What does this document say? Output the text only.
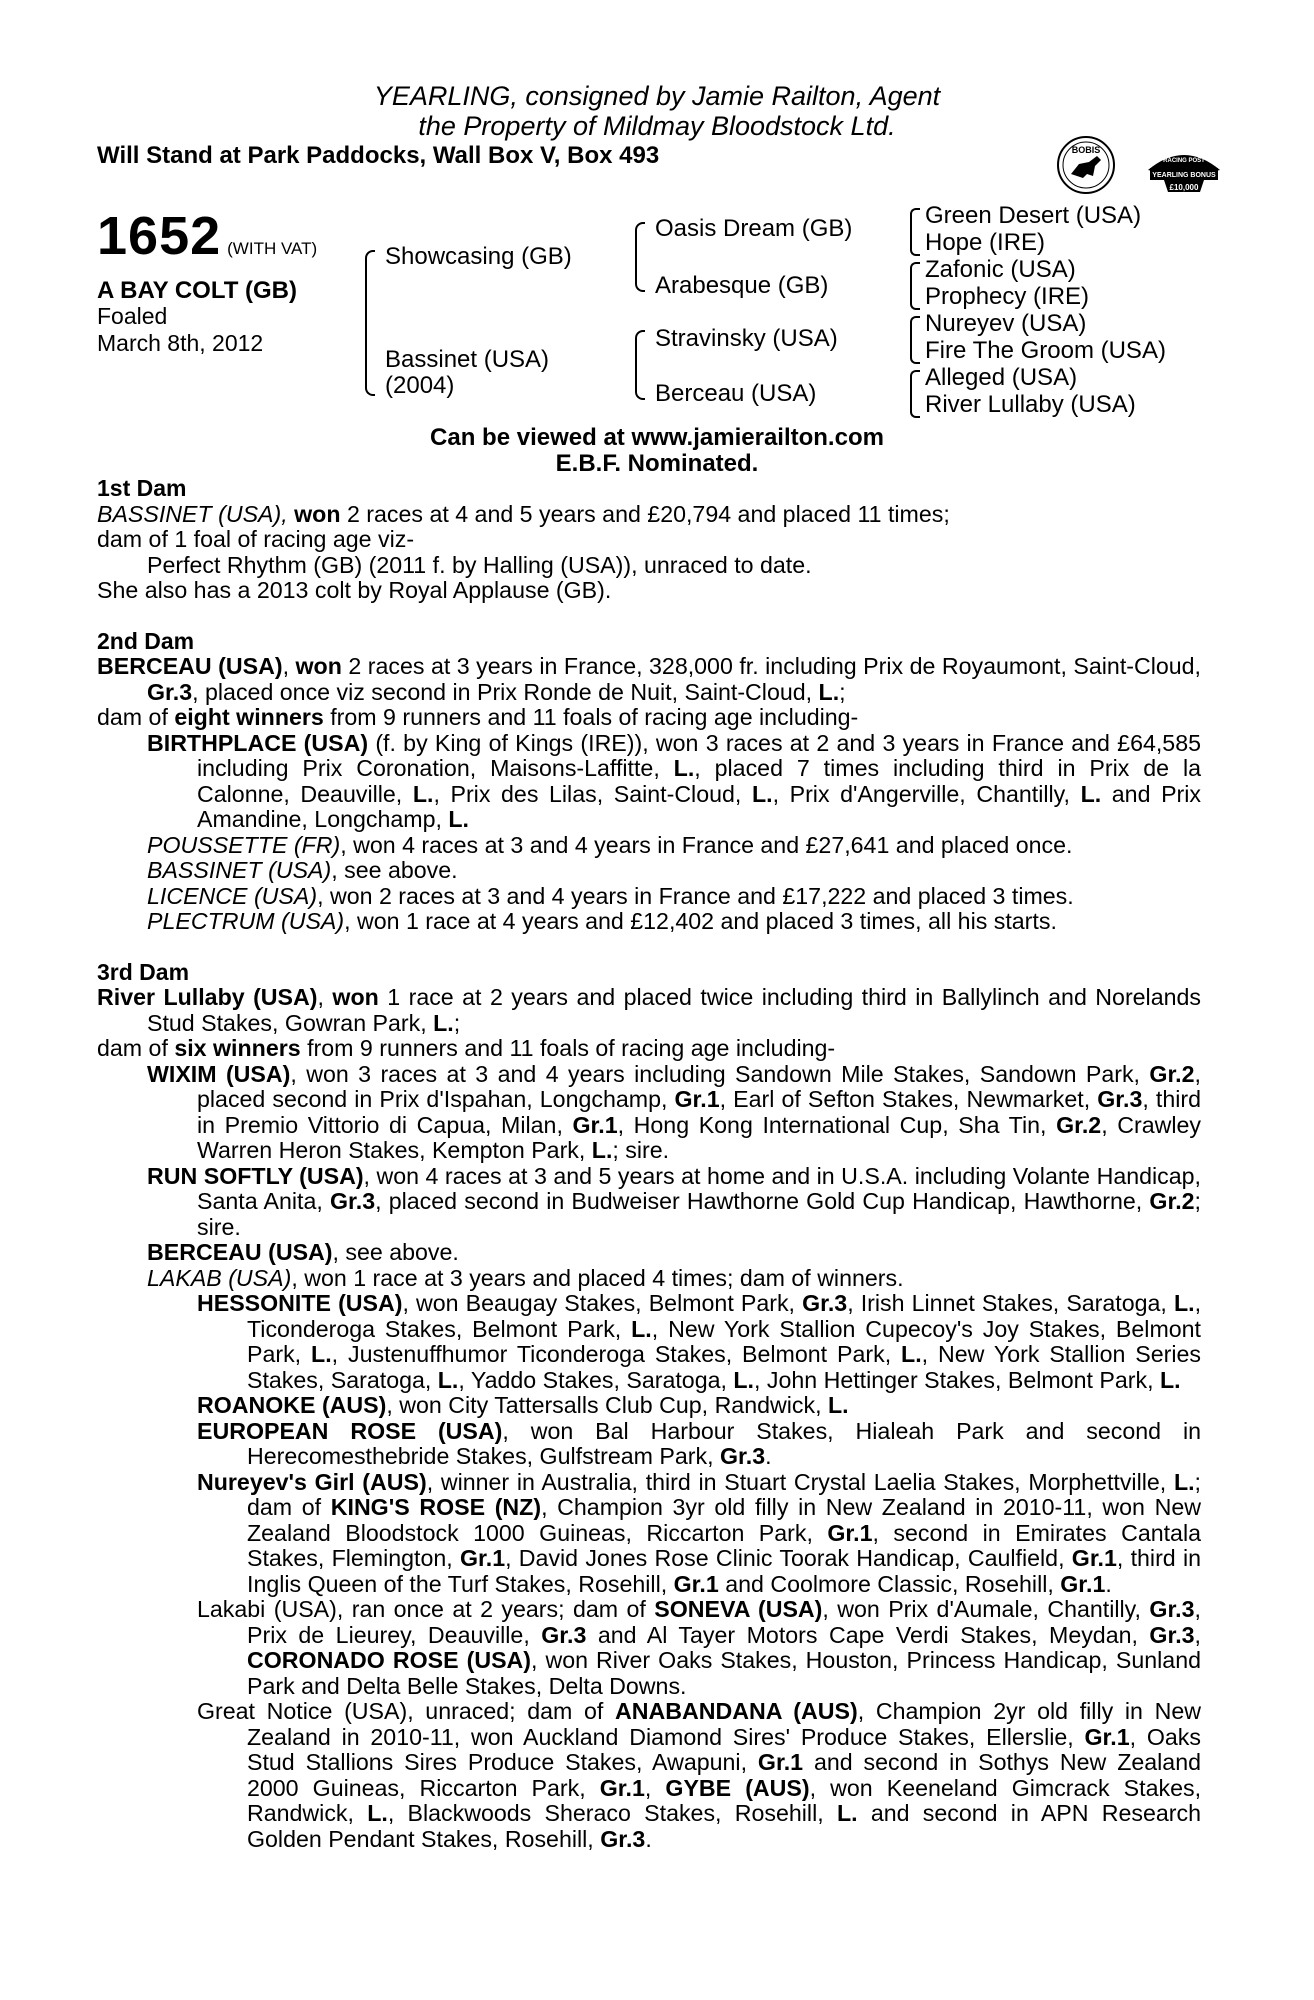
YEARLING, consigned by Jamie Railton, Agent
the Property of Mildmay Bloodstock Ltd.
Will Stand at Park Paddocks, Wall Box V, Box 493	BOBIS
RACING POST
YEARLING BONUS
£10,000
1652 (WITH VAT)
A BAY COLT (GB)
Foaled
March 8th, 2012
Showcasing (GB)
Bassinet (USA)
(2004)
Oasis Dream (GB)
Arabesque (GB)
Stravinsky (USA)
Berceau (USA)
Green Desert (USA)
Hope (IRE)
Zafonic (USA)
Prophecy (IRE)
Nureyev (USA)
Fire The Groom (USA)
Alleged (USA)
River Lullaby (USA)
Can be viewed at www.jamierailton.com
E.B.F. Nominated.

1st Dam

BASSINET (USA), won 2 races at 4 and 5 years and £20,794 and placed 11 times;

dam of 1 foal of racing age viz-

Perfect Rhythm (GB) (2011 f. by Halling (USA)), unraced to date.

She also has a 2013 colt by Royal Applause (GB).

2nd Dam

BERCEAU (USA), won 2 races at 3 years in France, 328,000 fr. including Prix de Royaumont, Saint-Cloud, Gr.3, placed once viz second in Prix Ronde de Nuit, Saint-Cloud, L.;

dam of eight winners from 9 runners and 11 foals of racing age including-

BIRTHPLACE (USA) (f. by King of Kings (IRE)), won 3 races at 2 and 3 years in France and £64,585 including Prix Coronation, Maisons-Laffitte, L., placed 7 times including third in Prix de la Calonne, Deauville, L., Prix des Lilas, Saint-Cloud, L., Prix d'Angerville, Chantilly, L. and Prix Amandine, Longchamp, L.

POUSSETTE (FR), won 4 races at 3 and 4 years in France and £27,641 and placed once.

BASSINET (USA), see above.

LICENCE (USA), won 2 races at 3 and 4 years in France and £17,222 and placed 3 times.

PLECTRUM (USA), won 1 race at 4 years and £12,402 and placed 3 times, all his starts.

3rd Dam

River Lullaby (USA), won 1 race at 2 years and placed twice including third in Ballylinch and Norelands Stud Stakes, Gowran Park, L.;

dam of six winners from 9 runners and 11 foals of racing age including-

WIXIM (USA), won 3 races at 3 and 4 years including Sandown Mile Stakes, Sandown Park, Gr.2, placed second in Prix d'Ispahan, Longchamp, Gr.1, Earl of Sefton Stakes, Newmarket, Gr.3, third in Premio Vittorio di Capua, Milan, Gr.1, Hong Kong International Cup, Sha Tin, Gr.2, Crawley Warren Heron Stakes, Kempton Park, L.; sire.

RUN SOFTLY (USA), won 4 races at 3 and 5 years at home and in U.S.A. including Volante Handicap, Santa Anita, Gr.3, placed second in Budweiser Hawthorne Gold Cup Handicap, Hawthorne, Gr.2; sire.

BERCEAU (USA), see above.

LAKAB (USA), won 1 race at 3 years and placed 4 times; dam of winners.

HESSONITE (USA), won Beaugay Stakes, Belmont Park, Gr.3, Irish Linnet Stakes, Saratoga, L., Ticonderoga Stakes, Belmont Park, L., New York Stallion Cupecoy's Joy Stakes, Belmont Park, L., Justenuffhumor Ticonderoga Stakes, Belmont Park, L., New York Stallion Series Stakes, Saratoga, L., Yaddo Stakes, Saratoga, L., John Hettinger Stakes, Belmont Park, L.

ROANOKE (AUS), won City Tattersalls Club Cup, Randwick, L.

EUROPEAN ROSE (USA), won Bal Harbour Stakes, Hialeah Park and second in Herecomesthebride Stakes, Gulfstream Park, Gr.3.

Nureyev's Girl (AUS), winner in Australia, third in Stuart Crystal Laelia Stakes, Morphettville, L.; dam of KING'S ROSE (NZ), Champion 3yr old filly in New Zealand in 2010-11, won New Zealand Bloodstock 1000 Guineas, Riccarton Park, Gr.1, second in Emirates Cantala Stakes, Flemington, Gr.1, David Jones Rose Clinic Toorak Handicap, Caulfield, Gr.1, third in Inglis Queen of the Turf Stakes, Rosehill, Gr.1 and Coolmore Classic, Rosehill, Gr.1.

Lakabi (USA), ran once at 2 years; dam of SONEVA (USA), won Prix d'Aumale, Chantilly, Gr.3, Prix de Lieurey, Deauville, Gr.3 and Al Tayer Motors Cape Verdi Stakes, Meydan, Gr.3, CORONADO ROSE (USA), won River Oaks Stakes, Houston, Princess Handicap, Sunland Park and Delta Belle Stakes, Delta Downs.

Great Notice (USA), unraced; dam of ANABANDANA (AUS), Champion 2yr old filly in New Zealand in 2010-11, won Auckland Diamond Sires' Produce Stakes, Ellerslie, Gr.1, Oaks Stud Stallions Sires Produce Stakes, Awapuni, Gr.1 and second in Sothys New Zealand 2000 Guineas, Riccarton Park, Gr.1, GYBE (AUS), won Keeneland Gimcrack Stakes, Randwick, L., Blackwoods Sheraco Stakes, Rosehill, L. and second in APN Research Golden Pendant Stakes, Rosehill, Gr.3.
